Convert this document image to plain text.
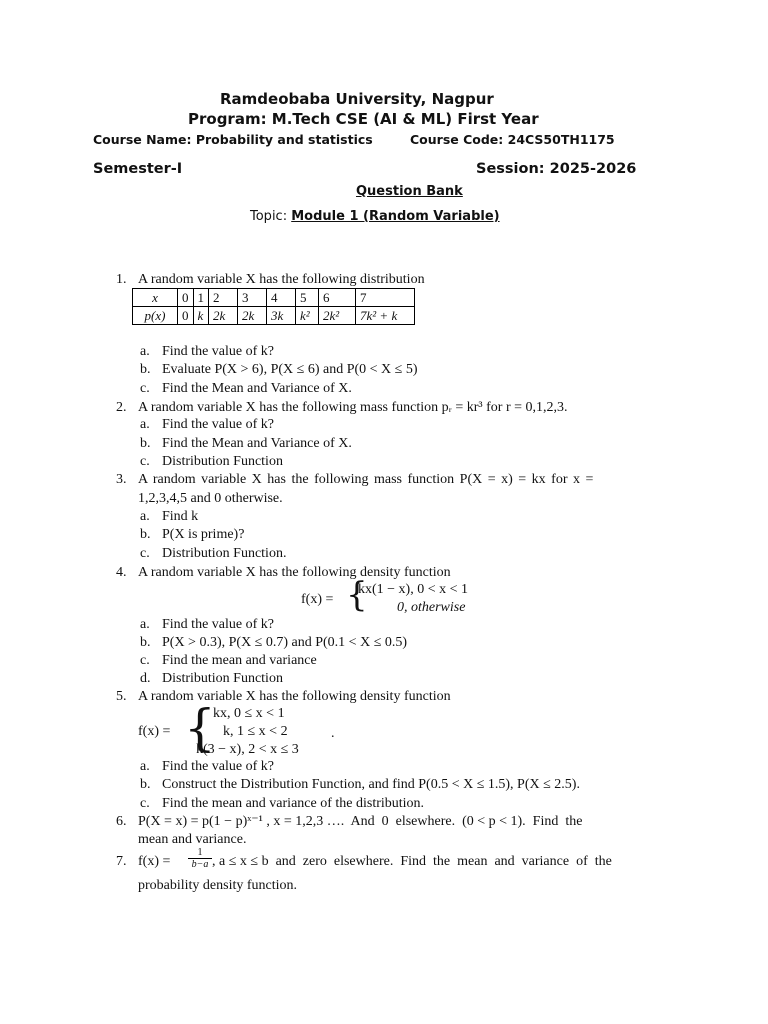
Ramdeobaba University, Nagpur
Program: M.Tech CSE (AI & ML) First Year
Course Name: Probability and statistics	Course Code: 24CS50TH1175
Semester-I	Session: 2025-2026
Question Bank
Topic: Module 1 (Random Variable)
1. A random variable X has the following distribution
x	0	1	2	3	4	5	6	7
p(x)	0	k	2k	2k	3k	k²	2k²	7k² + k
a. Find the value of k?
b. Evaluate P(X > 6), P(X ≤ 6) and P(0 < X ≤ 5)
c. Find the Mean and Variance of X.
2. A random variable X has the following mass function pᵣ = kr³ for r = 0,1,2,3.
a. Find the value of k?
b. Find the Mean and Variance of X.
c. Distribution Function
3. A random variable X has the following mass function P(X = x) = kx for x =
1,2,3,4,5 and 0 otherwise.
a. Find k
b. P(X is prime)?
c. Distribution Function.
4. A random variable X has the following density function
f(x) = {
kx(1 − x), 0 < x < 1
0, otherwise
a. Find the value of k?
b. P(X > 0.3), P(X ≤ 0.7) and P(0.1 < X ≤ 0.5)
c. Find the mean and variance
d. Distribution Function
5. A random variable X has the following density function
f(x) = {
kx, 0 ≤ x < 1
k, 1 ≤ x < 2
k(3 − x), 2 < x ≤ 3
.
a. Find the value of k?
b. Construct the Distribution Function, and find P(0.5 < X ≤ 1.5), P(X ≤ 2.5).
c. Find the mean and variance of the distribution.
6. P(X = x) = p(1 − p)ˣ⁻¹ , x = 1,2,3 ….  And  0  elsewhere.  (0 < p < 1).  Find  the
mean and variance.
7. $f(x) = \frac{1}{b-a}$ , a ≤ x ≤ b  and  zero  elsewhere.  Find  the  mean  and  variance  of  the
probability density function.
